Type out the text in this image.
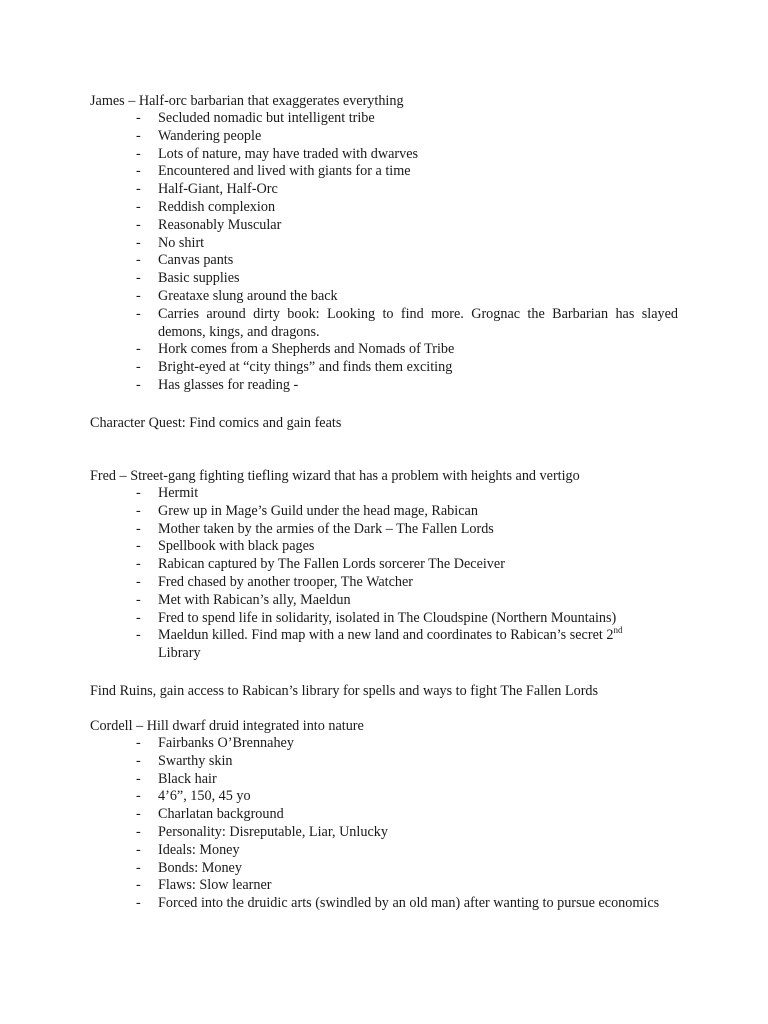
James – Half-orc barbarian that exaggerates everything
- Secluded nomadic but intelligent tribe
- Wandering people
- Lots of nature, may have traded with dwarves
- Encountered and lived with giants for a time
- Half-Giant, Half-Orc
- Reddish complexion
- Reasonably Muscular
- No shirt
- Canvas pants
- Basic supplies
- Greataxe slung around the back
- Carries around dirty book: Looking to find more. Grognac the Barbarian has slayed demons, kings, and dragons.
- Hork comes from a Shepherds and Nomads of Tribe
- Bright-eyed at “city things” and finds them exciting
- Has glasses for reading -
Character Quest: Find comics and gain feats
Fred – Street-gang fighting tiefling wizard that has a problem with heights and vertigo
- Hermit
- Grew up in Mage’s Guild under the head mage, Rabican
- Mother taken by the armies of the Dark – The Fallen Lords
- Spellbook with black pages
- Rabican captured by The Fallen Lords sorcerer The Deceiver
- Fred chased by another trooper, The Watcher
- Met with Rabican’s ally, Maeldun
- Fred to spend life in solidarity, isolated in The Cloudspine (Northern Mountains)
- Maeldun killed. Find map with a new land and coordinates to Rabican’s secret 2nd
Library
Find Ruins, gain access to Rabican’s library for spells and ways to fight The Fallen Lords
Cordell – Hill dwarf druid integrated into nature
- Fairbanks O’Brennahey
- Swarthy skin
- Black hair
- 4’6”, 150, 45 yo
- Charlatan background
- Personality: Disreputable, Liar, Unlucky
- Ideals: Money
- Bonds: Money
- Flaws: Slow learner
- Forced into the druidic arts (swindled by an old man) after wanting to pursue economics
